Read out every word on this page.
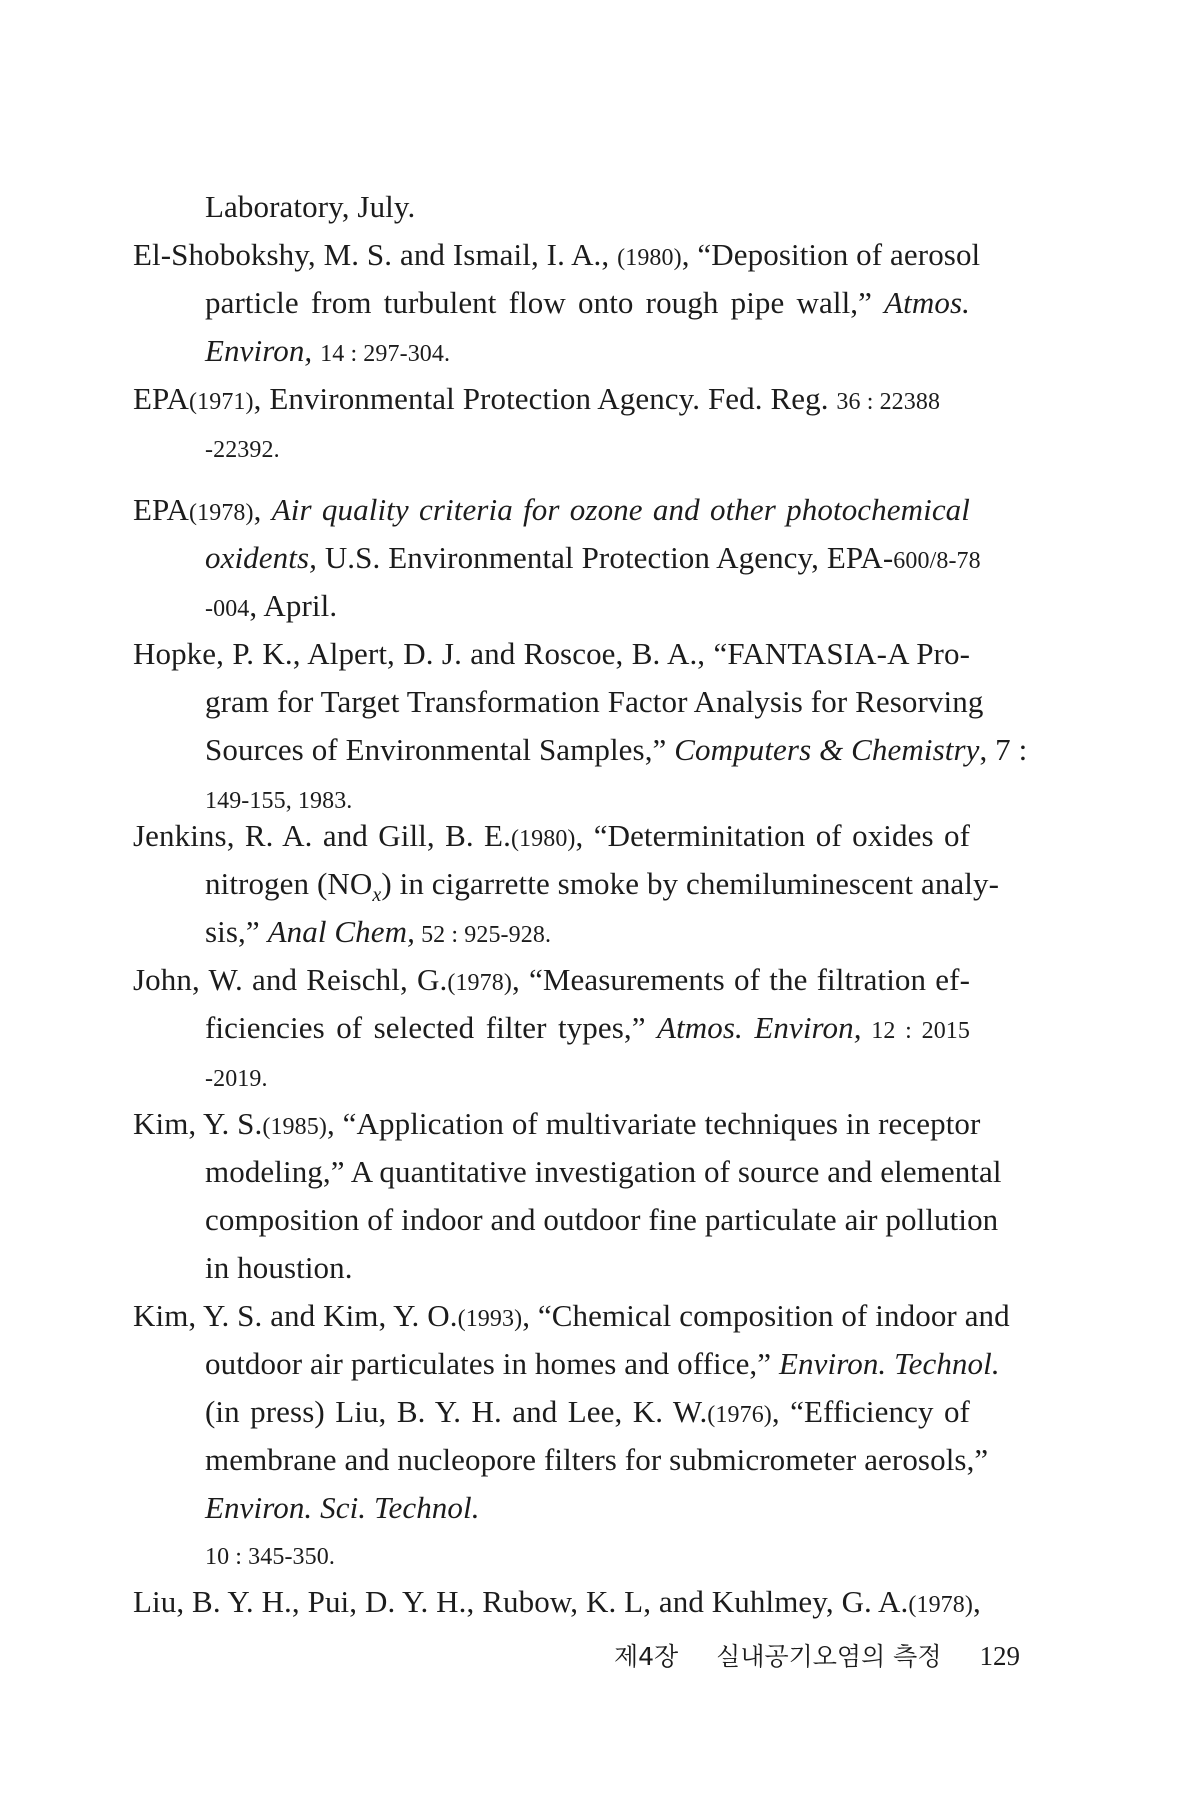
Laboratory, July.
El-Shobokshy, M. S. and Ismail, I. A., (1980), “Deposition of aerosol
particle from turbulent flow onto rough pipe wall,” Atmos.
Environ, 14 : 297-304.
EPA(1971), Environmental Protection Agency. Fed. Reg. 36 : 22388
-22392.
EPA(1978), Air quality criteria for ozone and other photochemical
oxidents, U.S. Environmental Protection Agency, EPA-600/8-78
-004, April.
Hopke, P. K., Alpert, D. J. and Roscoe, B. A., “FANTASIA-A Pro-
gram for Target Transformation Factor Analysis for Resorving
Sources of Environmental Samples,” Computers & Chemistry, 7 :
149-155, 1983.
Jenkins, R. A. and Gill, B. E.(1980), “Determinitation of oxides of
nitrogen $(NO_x)$ in cigarrette smoke by chemiluminescent analy-
sis,” Anal Chem, 52 : 925-928.
John, W. and Reischl, G.(1978), “Measurements of the filtration ef-
ficiencies of selected filter types,” Atmos. Environ, 12 : 2015
-2019.
Kim, Y. S.(1985), “Application of multivariate techniques in receptor
modeling,” A quantitative investigation of source and elemental
composition of indoor and outdoor fine particulate air pollution
in houstion.
Kim, Y. S. and Kim, Y. O.(1993), “Chemical composition of indoor and
outdoor air particulates in homes and office,” Environ. Technol.
(in press) Liu, B. Y. H. and Lee, K. W.(1976), “Efficiency of
membrane and nucleopore filters for submicrometer aerosols,”
Environ. Sci. Technol.
10 : 345-350.
Liu, B. Y. H., Pui, D. Y. H., Rubow, K. L, and Kuhlmey, G. A.(1978),
제4장 실내공기오염의 측정 129
